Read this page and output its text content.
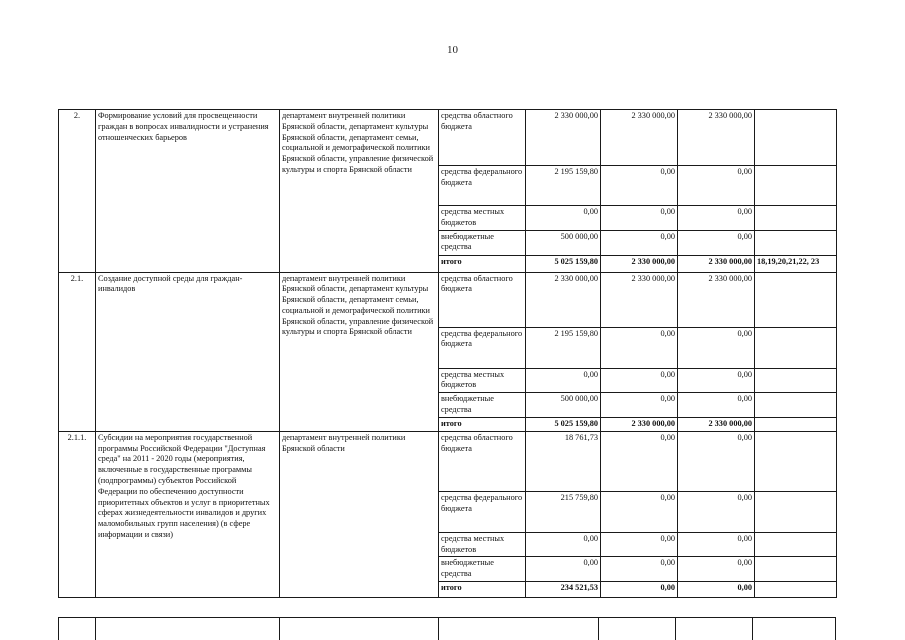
10
2.	Формирование условий для просвещенности граждан в вопросах инвалидности и устранения отношенческих барьеров	департамент внутренней политики Брянской области, департамент культуры Брянской области, департамент семьи, социальной и демографической политики Брянской области, управление физической культуры и спорта Брянской области	средства областного бюджета	2 330 000,00	2 330 000,00	2 330 000,00	
			средства федерального бюджета	2 195 159,80	0,00	0,00	
			средства местных бюджетов	0,00	0,00	0,00	
			внебюджетные средства	500 000,00	0,00	0,00	
			итого	5 025 159,80	2 330 000,00	2 330 000,00	18,19,20,21,22, 23
2.1.	Создание доступной среды для граждан-инвалидов	департамент внутренней политики Брянской области, департамент культуры Брянской области, департамент семьи, социальной и демографической политики Брянской области, управление физической культуры и спорта Брянской области	средства областного бюджета	2 330 000,00	2 330 000,00	2 330 000,00	
			средства федерального бюджета	2 195 159,80	0,00	0,00	
			средства местных бюджетов	0,00	0,00	0,00	
			внебюджетные средства	500 000,00	0,00	0,00	
			итого	5 025 159,80	2 330 000,00	2 330 000,00	
2.1.1.	Субсидии на мероприятия государственной программы Российской Федерации "Доступная среда" на 2011 - 2020 годы (мероприятия, включенные в государственные программы (подпрограммы) субъектов Российской Федерации по обеспечению доступности приоритетных объектов и услуг в приоритетных сферах жизнедеятельности инвалидов и других маломобильных групп населения) (в сфере информации и связи)	департамент внутренней политики Брянской области	средства областного бюджета	18 761,73	0,00	0,00	
			средства федерального бюджета	215 759,80	0,00	0,00	
			средства местных бюджетов	0,00	0,00	0,00	
			внебюджетные средства	0,00	0,00	0,00	
			итого	234 521,53	0,00	0,00	
